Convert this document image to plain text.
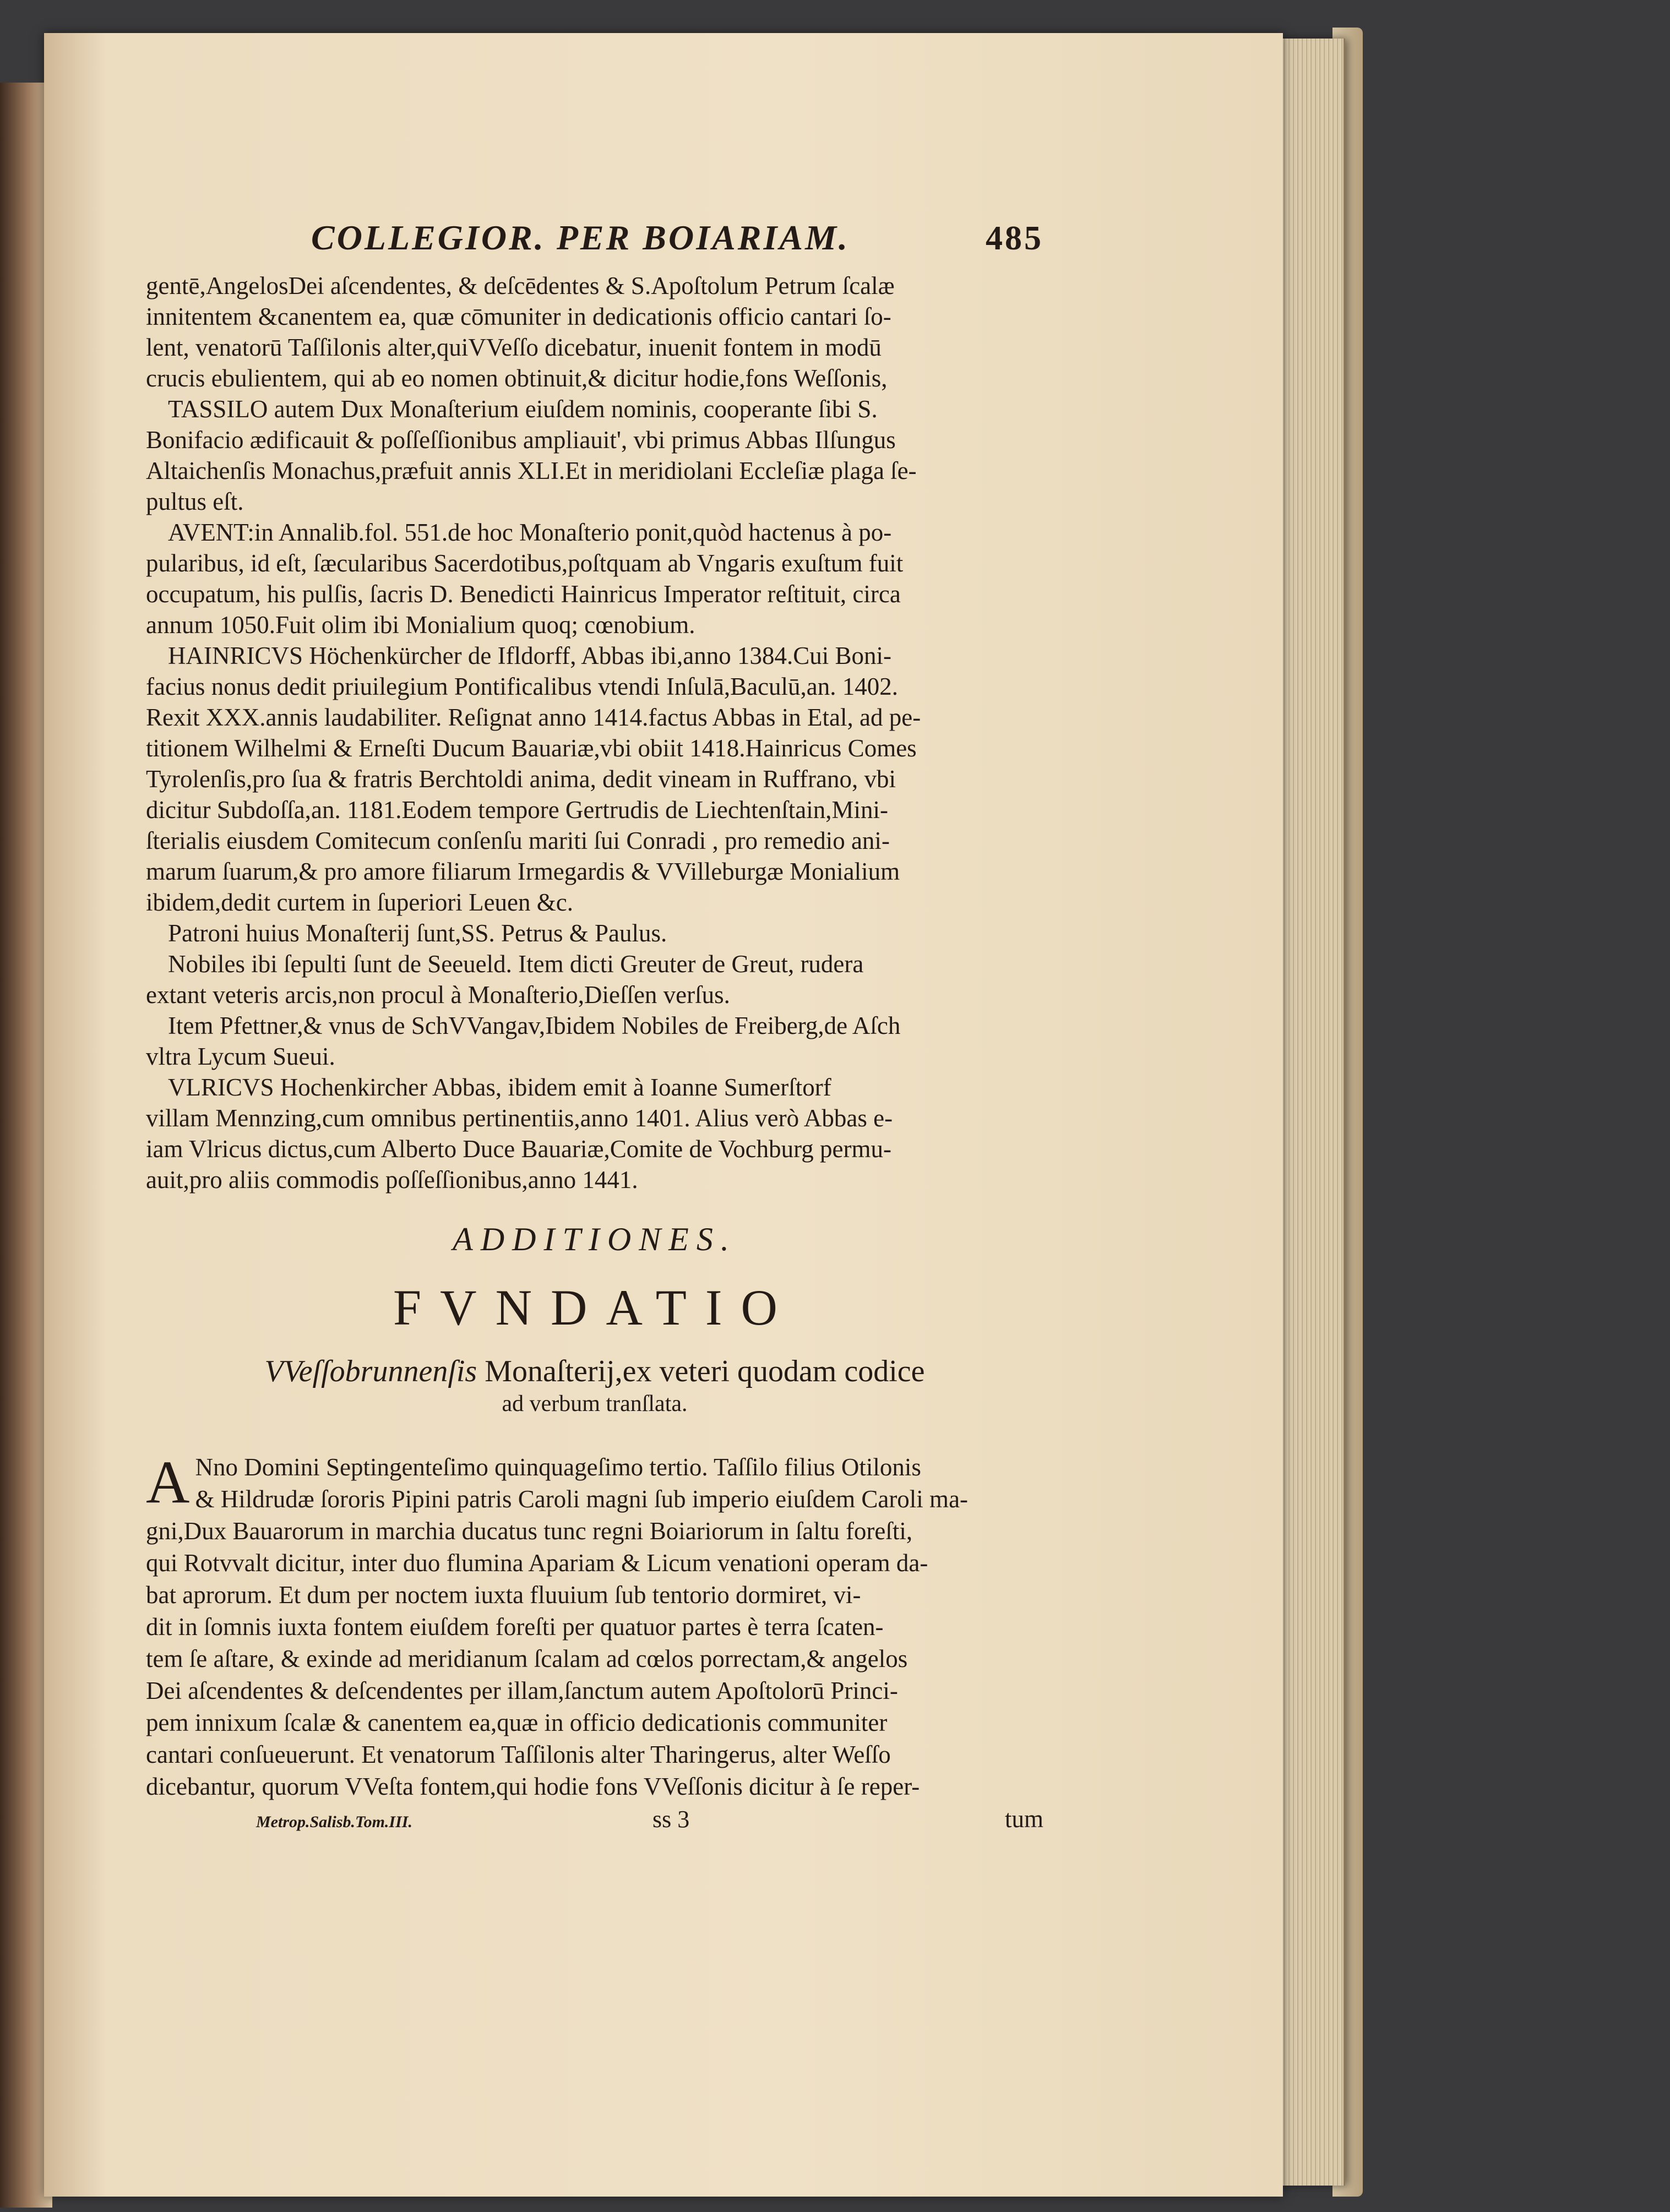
COLLEGIOR. PER BOIARIAM.	485
gentē,AngelosDei aſcendentes, & deſcēdentes & S.Apoſtolum Petrum ſcalæ
innitentem &canentem ea, quæ cōmuniter in dedicationis officio cantari ſo-
lent, venatorū Taſſilonis alter,quiVVeſſo dicebatur, inuenit fontem in modū
crucis ebulientem, qui ab eo nomen obtinuit,& dicitur hodie,fons Weſſonis,
TASSILO autem Dux Monaſterium eiuſdem nominis, cooperante ſibi S.
Bonifacio ædificauit & poſſeſſionibus ampliauit', vbi primus Abbas Ilſungus
Altaichenſis Monachus,præfuit annis XLI.Et in meridiolani Eccleſiæ plaga ſe-
pultus eſt.
AVENT:in Annalib.fol. 551.de hoc Monaſterio ponit,quòd hactenus à po-
pularibus, id eſt, ſæcularibus Sacerdotibus,poſtquam ab Vngaris exuſtum fuit
occupatum, his pulſis, ſacris D. Benedicti Hainricus Imperator reſtituit, circa
annum 1050.Fuit olim ibi Monialium quoq; cœnobium.
HAINRICVS Höchenkürcher de Ifldorff, Abbas ibi,anno 1384.Cui Boni-
facius nonus dedit priuilegium Pontificalibus vtendi Inſulā,Baculū,an. 1402.
Rexit XXX.annis laudabiliter. Reſignat anno 1414.factus Abbas in Etal, ad pe-
titionem Wilhelmi & Erneſti Ducum Bauariæ,vbi obiit 1418.Hainricus Comes
Tyrolenſis,pro ſua & fratris Berchtoldi anima, dedit vineam in Ruffrano, vbi
dicitur Subdoſſa,an. 1181.Eodem tempore Gertrudis de Liechtenſtain,Mini-
ſterialis eiusdem Comitecum conſenſu mariti ſui Conradi , pro remedio ani-
marum ſuarum,& pro amore filiarum Irmegardis & VVilleburgæ Monialium
ibidem,dedit curtem in ſuperiori Leuen &c.
Patroni huius Monaſterij ſunt,SS. Petrus & Paulus.
Nobiles ibi ſepulti ſunt de Seeueld. Item dicti Greuter de Greut, rudera
extant veteris arcis,non procul à Monaſterio,Dieſſen verſus.
Item Pfettner,& vnus de SchVVangav,Ibidem Nobiles de Freiberg,de Aſch
vltra Lycum Sueui.
VLRICVS Hochenkircher Abbas, ibidem emit à Ioanne Sumerſtorf
villam Mennzing,cum omnibus pertinentiis,anno 1401. Alius verò Abbas e-
iam Vlricus dictus,cum Alberto Duce Bauariæ,Comite de Vochburg permu-
auit,pro aliis commodis poſſeſſionibus,anno 1441.
ADDITIONES.
FVNDATIO
VVeſſobrunnenſis Monaſterij,ex veteri quodam codice
ad verbum tranſlata.
A Nno Domini Septingenteſimo quinquageſimo tertio. Taſſilo filius Otilonis
& Hildrudæ ſororis Pipini patris Caroli magni ſub imperio eiuſdem Caroli ma-
gni,Dux Bauarorum in marchia ducatus tunc regni Boiariorum in ſaltu foreſti,
qui Rotvvalt dicitur, inter duo flumina Apariam & Licum venationi operam da-
bat aprorum. Et dum per noctem iuxta fluuium ſub tentorio dormiret, vi-
dit in ſomnis iuxta fontem eiuſdem foreſti per quatuor partes è terra ſcaten-
tem ſe aſtare, & exinde ad meridianum ſcalam ad cœlos porrectam,& angelos
Dei aſcendentes & deſcendentes per illam,ſanctum autem Apoſtolorū Princi-
pem innixum ſcalæ & canentem ea,quæ in officio dedicationis communiter
cantari conſueuerunt. Et venatorum Taſſilonis alter Tharingerus, alter Weſſo
dicebantur, quorum VVeſta fontem,qui hodie fons VVeſſonis dicitur à ſe reper-
Metrop.Salisb.Tom.III.	ss 3	tum
